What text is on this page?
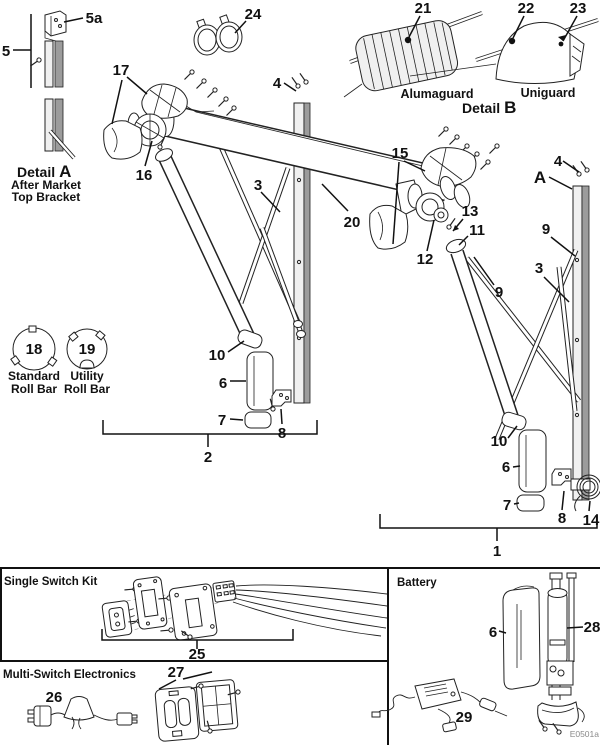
Detail A
After Market
Top Bracket
5
5a	24	21	22 23
Alumaguard	Uniguard
Detail B
18 19
Standard
Roll Bar
Utility
Roll Bar
2
1
17
16
4
3
20
15
12
13
11
4
A
9
3
9
10
6
7
8	10
6
7
8 14
Single Switch Kit
25
Multi-Switch Electronics
26
27
Battery
6	28
29
E0501a
